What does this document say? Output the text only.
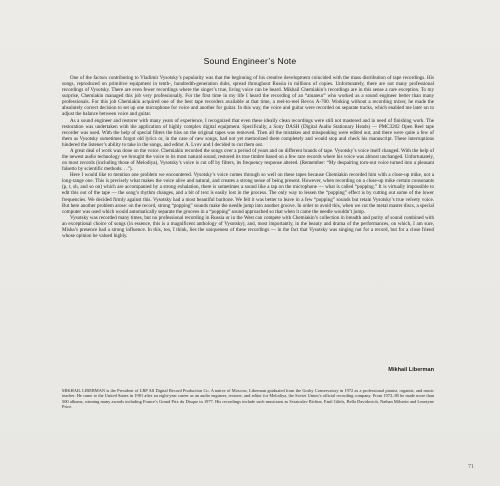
Sound Engineer’s Note

One of the factors contributing to Vladimir Vysotsky’s popularity was that the beginning of his creative development coincided with the mass distribution of tape recordings. His songs, reproduced on primitive equipment in tenth-, hundredth-generation dubs, spread throughout Russia in millions of copies. Unfortunately, there are not many professional recordings of Vysotsky. There are even fewer recordings where the singer’s true, living voice can be heard. Mikhail Chemiakin’s recordings are in this sense a rare exception. To my surprise, Chemiakin managed this job very professionally. For the first time in my life I heard the recording of an “amateur” who worked as a sound engineer better than many professionals. For this job Chemiakin acquired one of the best tape recorders available at that time, a reel-to-reel Revox A-700. Working without a recording mixer, he made the absolutely correct decision to set up one microphone for voice and another for guitar. In this way, the voice and guitar were recorded on separate tracks, which enabled me later on to adjust the balance between voice and guitar.

As a sound engineer and restorer with many years of experience, I recognized that even these ideally clean recordings were still not mastered and in need of finishing work. The restoration was undertaken with the application of highly complex digital equipment. Specifically, a Sony DASH (Digital Audio Stationary Heads) — PMC3202 Open Reel tape recorder was used. With the help of special filters the hiss on the original tapes was removed. Then all the mistakes and misspeaking were edited out, and there were quite a few of them as Vysotsky sometimes forgot old lyrics or, in the case of new songs, had not yet memorized them completely and would stop and check his manuscript. These interruptions hindered the listener’s ability to take in the songs, and editor A. Lvov and I decided to cut them out.

A great deal of work was done on the voice. Chemiakin recorded the songs over a period of years and on different brands of tape. Vysotsky’s voice itself changed. With the help of the newest audio technology we brought the voice to its most natural sound, restored its true timbre based on a few rare records where his voice was almost unchanged. Unfortunately, on most records (including those of Melodiya), Vysotsky’s voice is cut off by filters, its frequency response altered. (Remember: “My despairing torn-out voice turned into a pleasant falsetto by scientific methods. . .”).

Here I would like to mention one problem we encountered. Vysotsky’s voice comes through so well on these tapes because Chemiakin recorded him with a close-up mike, not a long-range one. This is precisely what makes the voice alive and natural, and creates a strong sense of being present. However, when recording on a close-up mike certain consonants (p, t, sh, and so on) which are accompanied by a strong exhalation, there is sometimes a sound like a tap on the microphone — what is called “popping.” It is virtually impossible to edit this out of the tape — the song’s rhythm changes, and a bit of text is easily lost in the process. The only way to lessen the “popping” effect is by cutting out some of the lower frequencies. We decided firmly against this. Vysotsky had a most beautiful baritone. We felt it was better to leave in a few “popping” sounds but retain Vysotsky’s true velvety voice. But here another problem arose: on the record, strong “popping” sounds make the needle jump into another groove. In order to avoid this, when we cut the metal master discs, a special computer was used which would automatically separate the grooves in a “popping” sound approached so that when it came the needle wouldn’t jump.

Vysotsky was recorded many times, but no professional recording in Russia or in the West can compete with Chemiakin’s collection in breadth and purity of sound combined with an exceptional choice of songs (in essence, this is a magnificent anthology of Vysotsky), and, most importantly, in the beauty and drama of the performances, on which, I am sure, Misha’s presence had a strong influence. In this, too, I think, lies the uniqueness of these recordings — in the fact that Vysotsky was singing not for a record, but for a close friend whose opinion he valued highly.

Mikhail Liberman
MIKHAIL LIBERMAN is the President of LRP All Digital Record Production Co. A native of Moscow, Liberman graduated from the Gorky Conservatory in 1972 as a professional pianist, organist, and music teacher. He came to the United States in 1981 after an eight-year career as an audio engineer, restorer, and editor for Melodiya, the Soviet Union’s official recording company. From 1972–80 he made more than 500 albums, winning many awards including France’s Grand Prix du Disque in 1977. His recordings include such musicians as Sviatoslav Richter, Emil Gilels, Bella Davidovich, Nathan Milstein and Leontyne Price.
71
